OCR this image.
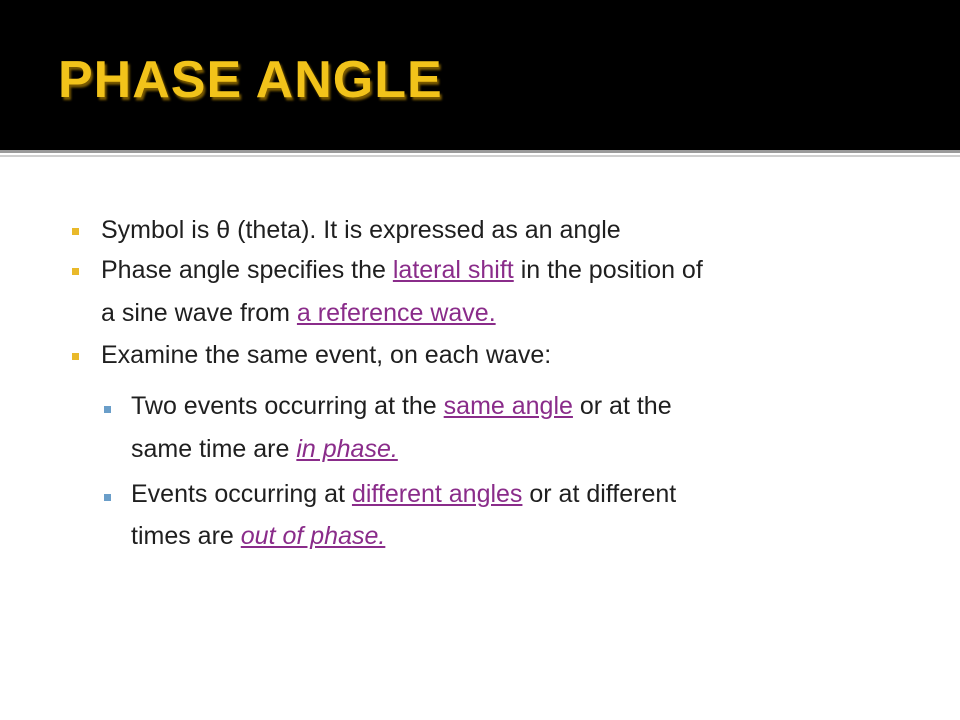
PHASE ANGLE
Symbol is θ (theta). It is expressed as an angle
Phase angle specifies the lateral shift in the position of
a sine wave from a reference wave.
Examine the same event, on each wave:
Two events occurring at the same angle or at the
same time are in phase.
Events occurring at different angles or at different
times are out of phase.
